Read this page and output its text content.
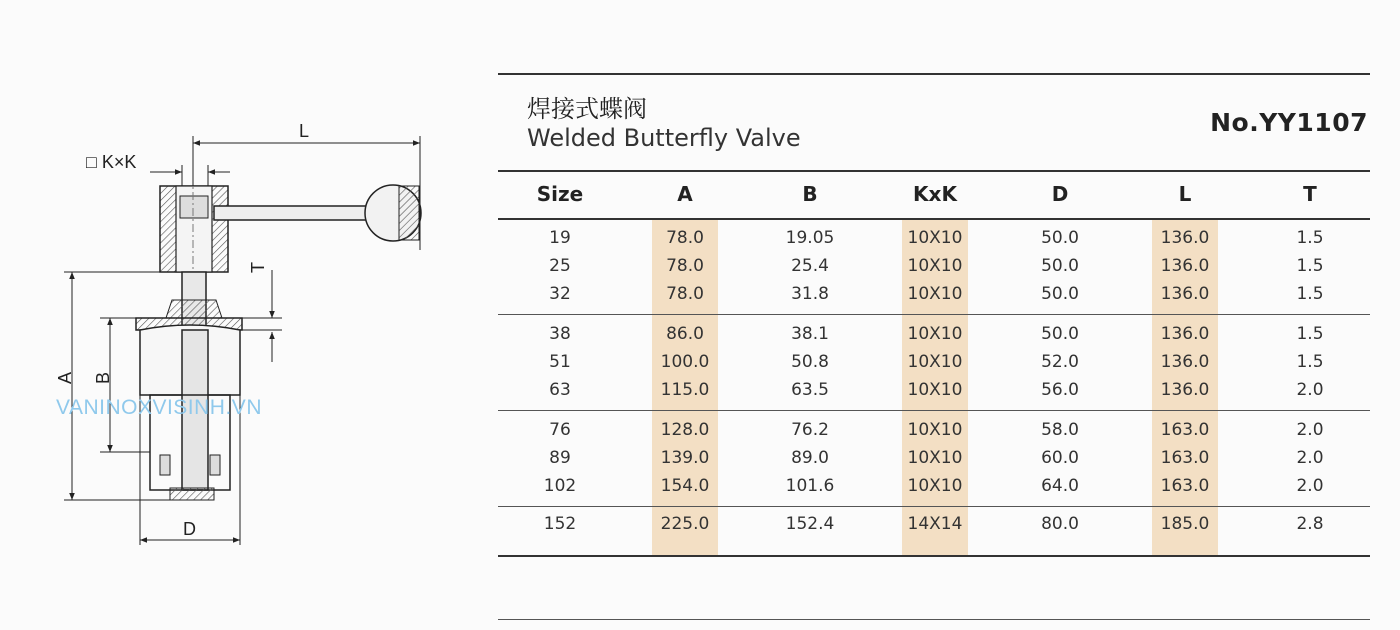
□ K×K
L
T
A B
D
VANINOXVISINH.VN
焊接式蝶阀
Welded Butterfly Valve
No.YY1107
Size	A	B	KxK	D	L	T
19	78.0	19.05	10X10	50.0	136.0	1.5
25	78.0	25.4	10X10	50.0	136.0	1.5
32	78.0	31.8	10X10	50.0	136.0	1.5
38	86.0	38.1	10X10	50.0	136.0	1.5
51	100.0	50.8	10X10	52.0	136.0	1.5
63	115.0	63.5	10X10	56.0	136.0	2.0
76	128.0	76.2	10X10	58.0	163.0	2.0
89	139.0	89.0	10X10	60.0	163.0	2.0
102	154.0	101.6	10X10	64.0	163.0	2.0
152	225.0	152.4	14X14	80.0	185.0	2.8
